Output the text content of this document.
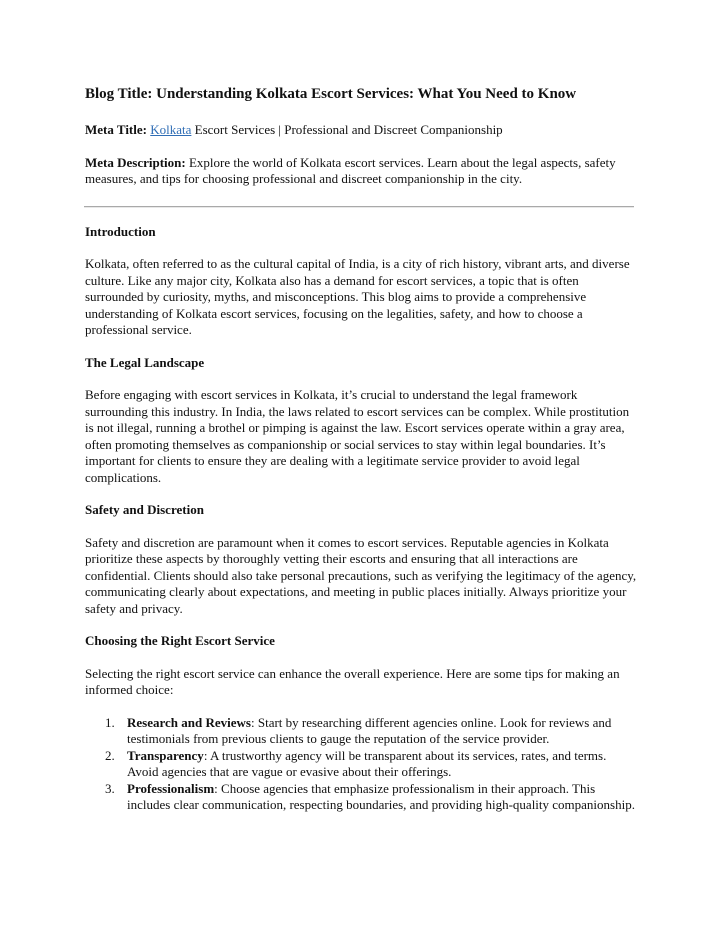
Blog Title: Understanding Kolkata Escort Services: What You Need to Know
Meta Title: Kolkata Escort Services | Professional and Discreet Companionship
Meta Description: Explore the world of Kolkata escort services. Learn about the legal aspects, safety measures, and tips for choosing professional and discreet companionship in the city.
Introduction
Kolkata, often referred to as the cultural capital of India, is a city of rich history, vibrant arts, and diverse culture. Like any major city, Kolkata also has a demand for escort services, a topic that is often surrounded by curiosity, myths, and misconceptions. This blog aims to provide a comprehensive understanding of Kolkata escort services, focusing on the legalities, safety, and how to choose a professional service.
The Legal Landscape
Before engaging with escort services in Kolkata, it’s crucial to understand the legal framework surrounding this industry. In India, the laws related to escort services can be complex. While prostitution is not illegal, running a brothel or pimping is against the law. Escort services operate within a gray area, often promoting themselves as companionship or social services to stay within legal boundaries. It’s important for clients to ensure they are dealing with a legitimate service provider to avoid legal complications.
Safety and Discretion
Safety and discretion are paramount when it comes to escort services. Reputable agencies in Kolkata prioritize these aspects by thoroughly vetting their escorts and ensuring that all interactions are confidential. Clients should also take personal precautions, such as verifying the legitimacy of the agency, communicating clearly about expectations, and meeting in public places initially. Always prioritize your safety and privacy.
Choosing the Right Escort Service
Selecting the right escort service can enhance the overall experience. Here are some tips for making an informed choice:
1. Research and Reviews: Start by researching different agencies online. Look for reviews and testimonials from previous clients to gauge the reputation of the service provider.
2. Transparency: A trustworthy agency will be transparent about its services, rates, and terms. Avoid agencies that are vague or evasive about their offerings.
3. Professionalism: Choose agencies that emphasize professionalism in their approach. This includes clear communication, respecting boundaries, and providing high-quality companionship.
